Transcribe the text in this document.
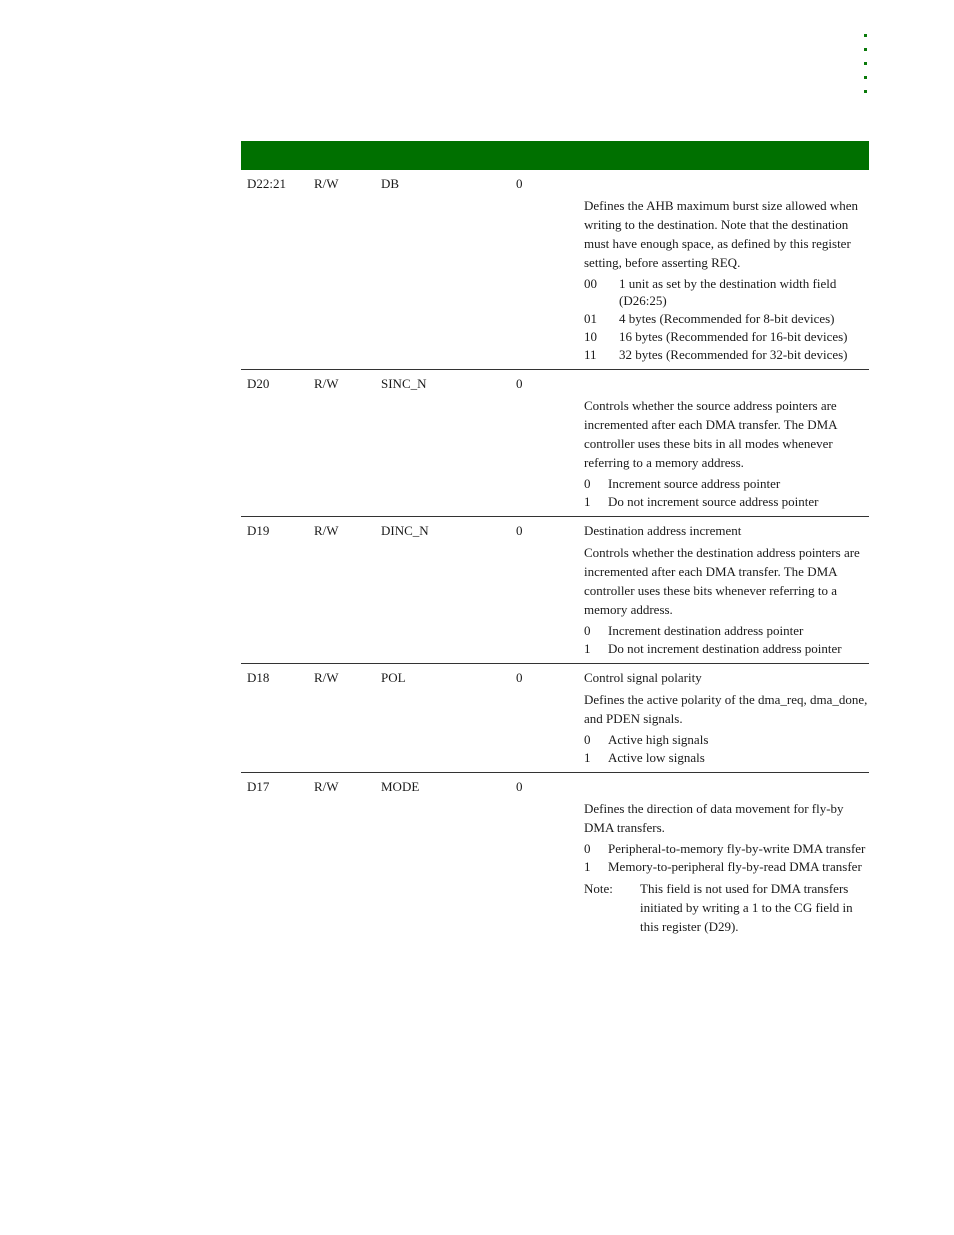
D22:21 R/W	DB	0

Defines the AHB maximum burst size allowed when writing to the destination. Note that the destination must have enough space, as defined by this register setting, before asserting REQ.

00	1 unit as set by the destination width field (D26:25)
01	4 bytes (Recommended for 8-bit devices)
10	16 bytes (Recommended for 16-bit devices)
11	32 bytes (Recommended for 32-bit devices)
D20	R/W	SINC_N	0

Controls whether the source address pointers are incremented after each DMA transfer. The DMA controller uses these bits in all modes whenever referring to a memory address.

0	Increment source address pointer
1	Do not increment source address pointer
D19	R/W	DINC_N	0	Destination address increment

Controls whether the destination address pointers are incremented after each DMA transfer. The DMA controller uses these bits whenever referring to a memory address.

0	Increment destination address pointer
1	Do not increment destination address pointer
D18	R/W	POL	0	Control signal polarity

Defines the active polarity of the dma_req, dma_done, and PDEN signals.

0	Active high signals
1	Active low signals
D17	R/W	MODE	0

Defines the direction of data movement for fly-by DMA transfers.

0	Peripheral-to-memory fly-by-write DMA transfer
1	Memory-to-peripheral fly-by-read DMA transfer
Note:	This field is not used for DMA transfers initiated by writing a 1 to the CG field in this register (D29).
